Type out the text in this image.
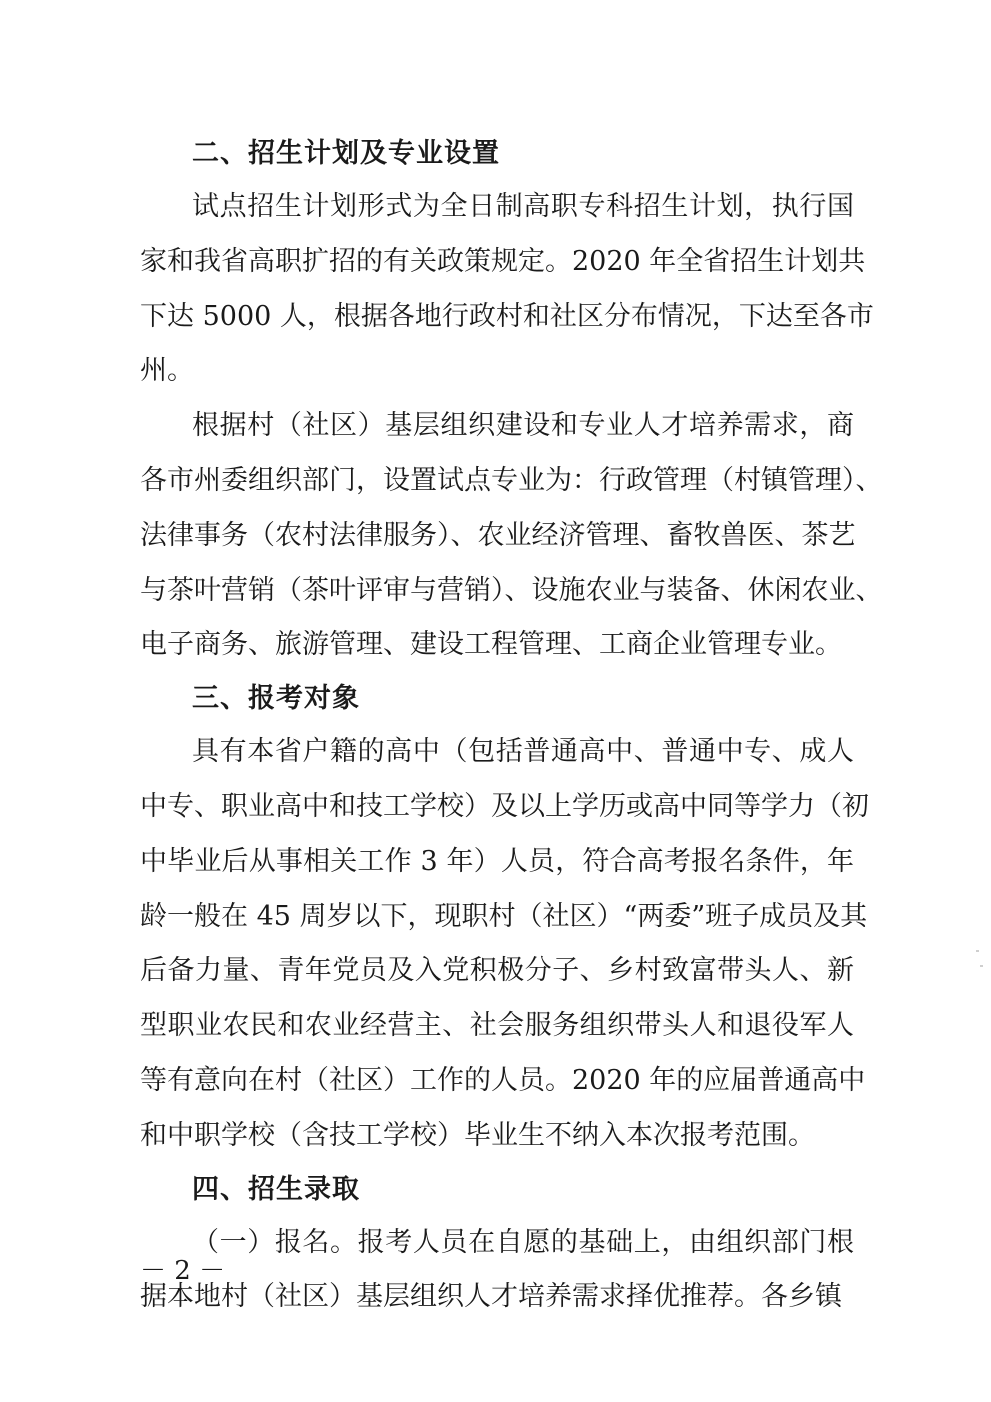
二、招生计划及专业设置
试点招生计划形式为全日制高职专科招生计划，执行国
家和我省高职扩招的有关政策规定。2020 年全省招生计划共
下达 5000 人，根据各地行政村和社区分布情况，下达至各市
州。
根据村（社区）基层组织建设和专业人才培养需求，商
各市州委组织部门，设置试点专业为：行政管理（村镇管理）、
法律事务（农村法律服务）、农业经济管理、畜牧兽医、茶艺
与茶叶营销（茶叶评审与营销）、设施农业与装备、休闲农业、
电子商务、旅游管理、建设工程管理、工商企业管理专业。
三、报考对象
具有本省户籍的高中（包括普通高中、普通中专、成人
中专、职业高中和技工学校）及以上学历或高中同等学力（初
中毕业后从事相关工作 3 年）人员，符合高考报名条件，年
龄一般在 45 周岁以下，现职村（社区）“两委”班子成员及其
后备力量、青年党员及入党积极分子、乡村致富带头人、新
型职业农民和农业经营主、社会服务组织带头人和退役军人
等有意向在村（社区）工作的人员。2020 年的应届普通高中
和中职学校（含技工学校）毕业生不纳入本次报考范围。
四、招生录取
（一）报名。报考人员在自愿的基础上，由组织部门根
据本地村（社区）基层组织人才培养需求择优推荐。各乡镇
－ 2 －
